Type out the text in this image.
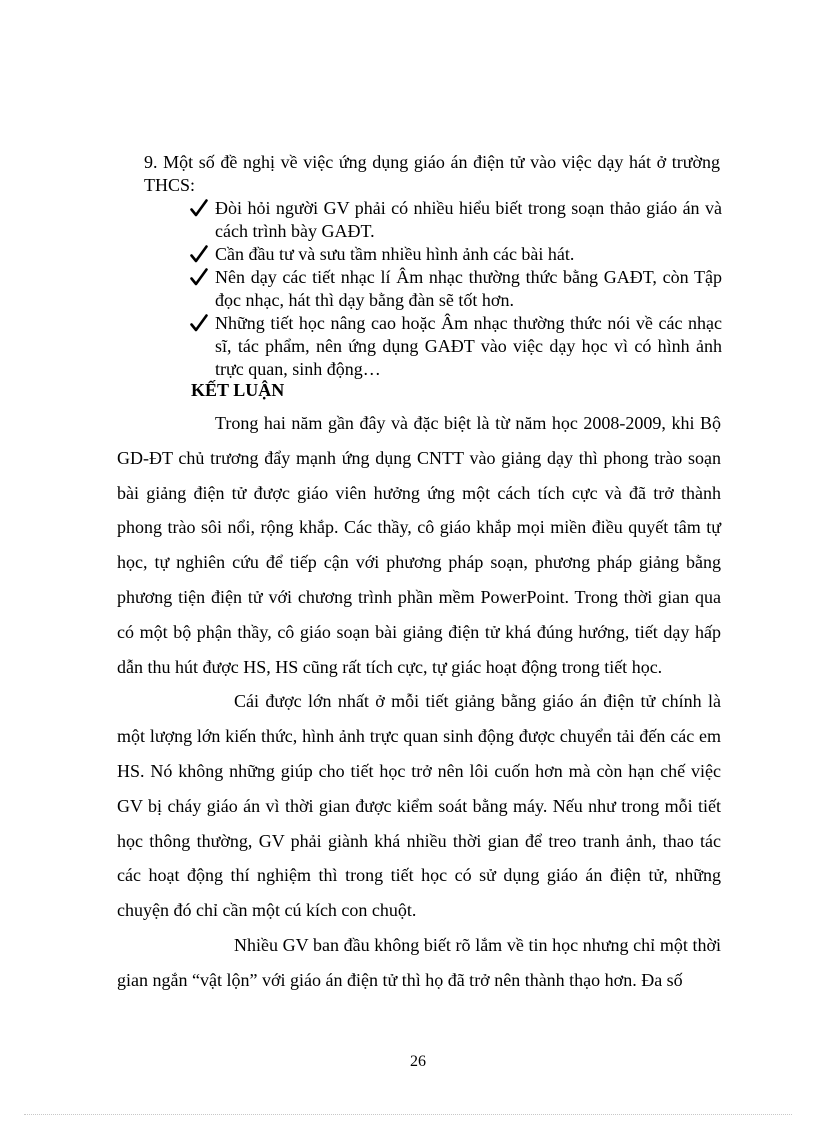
9. Một số đề nghị về việc ứng dụng giáo án điện tử vào việc dạy hát ở trường THCS:
Đòi hỏi người GV phải có nhiều hiểu biết trong soạn thảo giáo án và cách trình bày GAĐT.
Cần đầu tư và sưu tầm nhiều hình ảnh các bài hát.
Nên dạy các tiết nhạc lí Âm nhạc thường thức bằng GAĐT, còn Tập đọc nhạc, hát thì dạy bằng đàn sẽ tốt hơn.
Những tiết học nâng cao hoặc Âm nhạc thường thức nói về các nhạc sĩ, tác phẩm, nên ứng dụng GAĐT vào việc dạy học vì có hình ảnh trực quan, sinh động…
KẾT LUẬN

Trong hai năm gần đây và đặc biệt là từ năm học 2008-2009, khi Bộ GD-ĐT chủ trương đẩy mạnh ứng dụng CNTT vào giảng dạy thì phong trào soạn bài giảng điện tử được giáo viên hưởng ứng một cách tích cực và đã trở thành phong trào sôi nổi, rộng khắp. Các thầy, cô giáo khắp mọi miền điều quyết tâm tự học, tự nghiên cứu để tiếp cận với phương pháp soạn, phương pháp giảng bằng phương tiện điện tử với chương trình phần mềm PowerPoint. Trong thời gian qua có một bộ phận thầy, cô giáo soạn bài giảng điện tử khá đúng hướng, tiết dạy hấp dẫn thu hút được HS, HS cũng rất tích cực, tự giác hoạt động trong tiết học.

Cái được lớn nhất ở mỗi tiết giảng bằng giáo án điện tử chính là một lượng lớn kiến thức, hình ảnh trực quan sinh động được chuyển tải đến các em HS. Nó không những giúp cho tiết học trở nên lôi cuốn hơn mà còn hạn chế việc GV bị cháy giáo án vì thời gian được kiểm soát bằng máy. Nếu như trong mỗi tiết học thông thường, GV phải giành khá nhiều thời gian để treo tranh ảnh, thao tác các hoạt động thí nghiệm thì trong tiết học có sử dụng giáo án điện tử, những chuyện đó chỉ cần một cú kích con chuột.

Nhiều GV ban đầu không biết rõ lắm về tin học nhưng chỉ một thời gian ngắn “vật lộn” với giáo án điện tử thì họ đã trở nên thành thạo hơn. Đa số

26
